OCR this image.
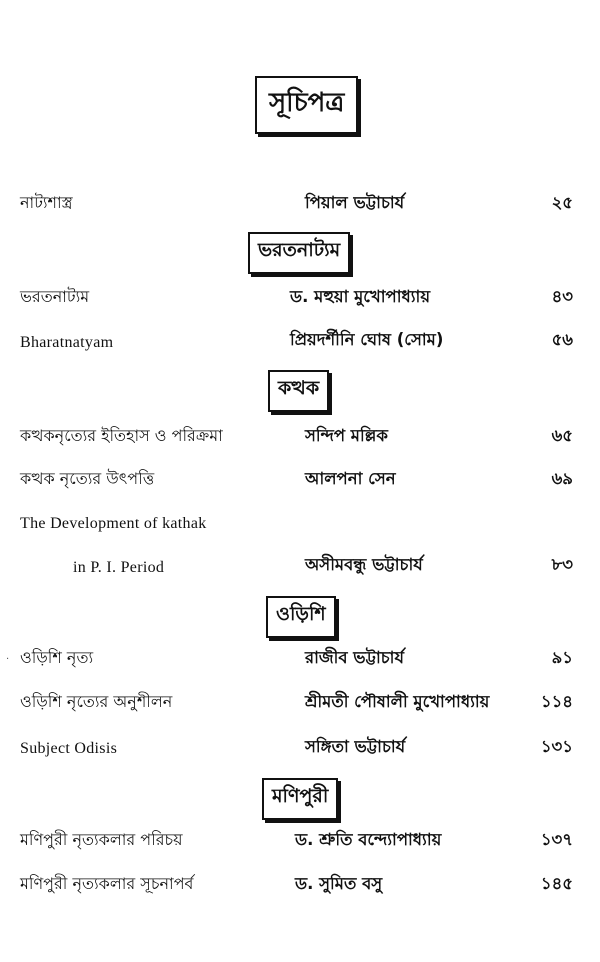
সূচিপত্র
নাট্যশাস্ত্র	পিয়াল ভট্টাচার্য	২৫
ভরতনাট্যম
ভরতনাট্যম	ড. মহুয়া মুখোপাধ্যায়	৪৩
Bharatnatyam	প্রিয়দর্শীনি ঘোষ (সোম)	৫৬
কত্থক
কত্থকনৃত্যের ইতিহাস ও পরিক্রমা	সন্দিপ মল্লিক	৬৫
কত্থক নৃত্যের উৎপত্তি	আলপনা সেন	৬৯
The Development of kathak
in P. I. Period	অসীমবন্ধু ভট্টাচার্য	৮৩
ওড়িশি
ওড়িশি নৃত্য	রাজীব ভট্টাচার্য	৯১
ওড়িশি নৃত্যের অনুশীলন	শ্রীমতী পৌষালী মুখোপাধ্যায়	১১৪
Subject Odisis	সঙ্গিতা ভট্টাচার্য	১৩১
মণিপুরী
মণিপুরী নৃত্যকলার পরিচয়	ড. শ্রুতি বন্দ্যোপাধ্যায়	১৩৭
মণিপুরী নৃত্যকলার সূচনাপর্ব	ড. সুমিত বসু	১৪৫
·
